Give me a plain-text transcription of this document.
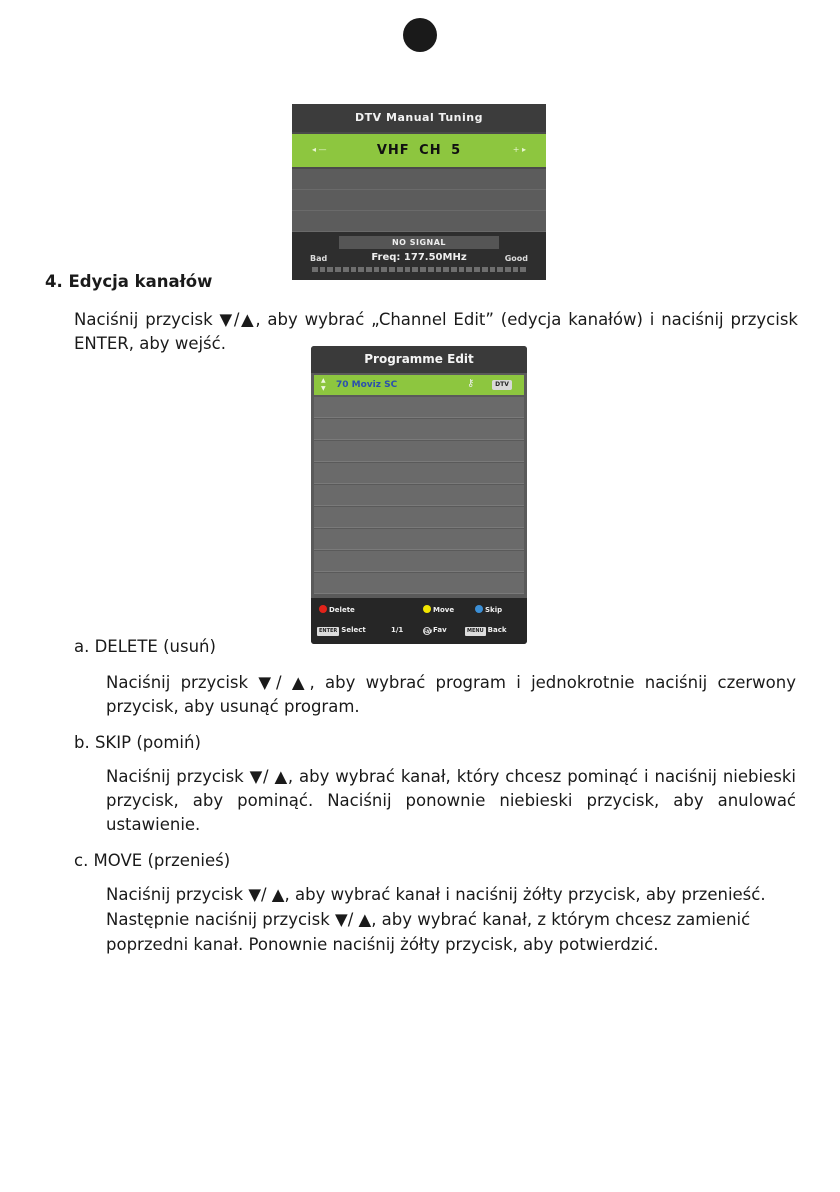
DTV Manual Tuning
◂ —	VHF CH 5	+ ▸
NO SIGNAL
Bad	Freq: 177.50MHz	Good
4. Edycja kanałów
Naciśnij przycisk ▼/▲, aby wybrać „Channel Edit” (edycja kanałów) i naciśnij przycisk
ENTER, aby wejść.
Programme Edit
▲
▼ 70 Moviz SC	⚷	DTV
Delete	Move	Skip
ENTER Select	1/1	FAVFav	MENU Back
a. DELETE (usuń)
Naciśnij przycisk ▼/ ▲, aby wybrać program i jednokrotnie naciśnij czerwony przycisk, aby usunąć program.
b. SKIP (pomiń)
Naciśnij przycisk ▼/ ▲, aby wybrać kanał, który chcesz pominąć i naciśnij niebieski przycisk, aby pominąć. Naciśnij ponownie niebieski przycisk, aby anulować ustawienie.
c. MOVE (przenieś)
Naciśnij przycisk ▼/ ▲, aby wybrać kanał i naciśnij żółty przycisk, aby przenieść.
Następnie naciśnij przycisk ▼/ ▲, aby wybrać kanał, z którym chcesz zamienić
poprzedni kanał. Ponownie naciśnij żółty przycisk, aby potwierdzić.
